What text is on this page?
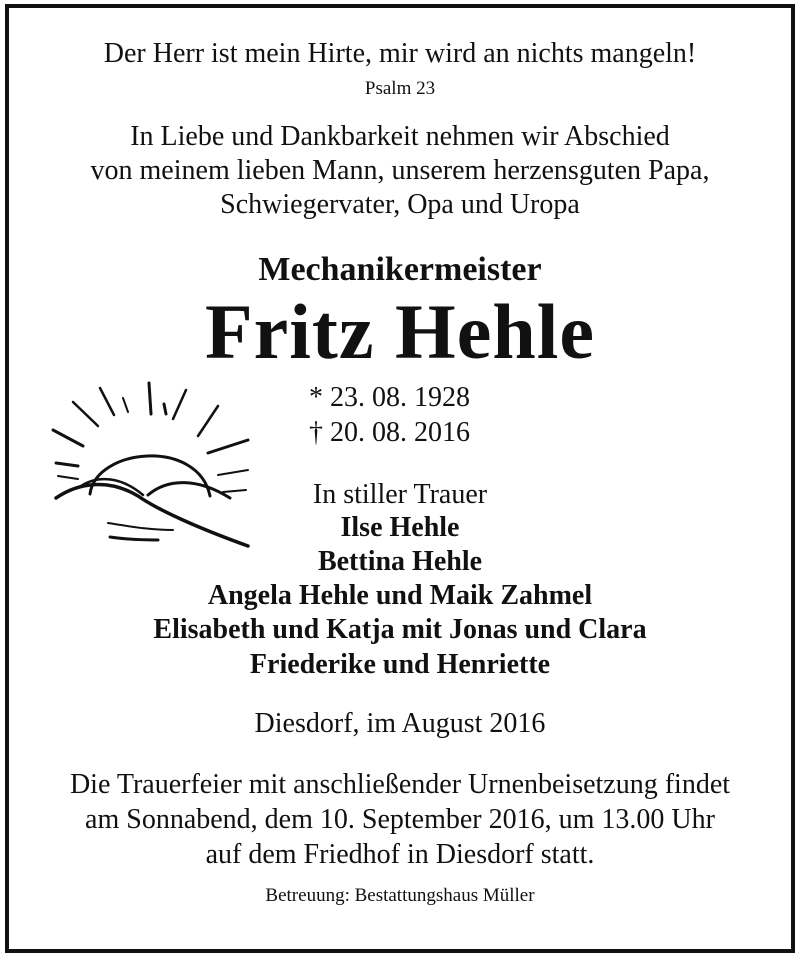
Der Herr ist mein Hirte, mir wird an nichts mangeln!
Psalm 23
In Liebe und Dankbarkeit nehmen wir Abschied
von meinem lieben Mann, unserem herzensguten Papa,
Schwiegervater, Opa und Uropa
Mechanikermeister
Fritz Hehle
* 23. 08. 1928
† 20. 08. 2016
In stiller Trauer
Ilse Hehle
Bettina Hehle
Angela Hehle und Maik Zahmel
Elisabeth und Katja mit Jonas und Clara
Friederike und Henriette
Diesdorf, im August 2016
Die Trauerfeier mit anschließender Urnenbeisetzung findet
am Sonnabend, dem 10. September 2016, um 13.00 Uhr
auf dem Friedhof in Diesdorf statt.
Betreuung: Bestattungshaus Müller
